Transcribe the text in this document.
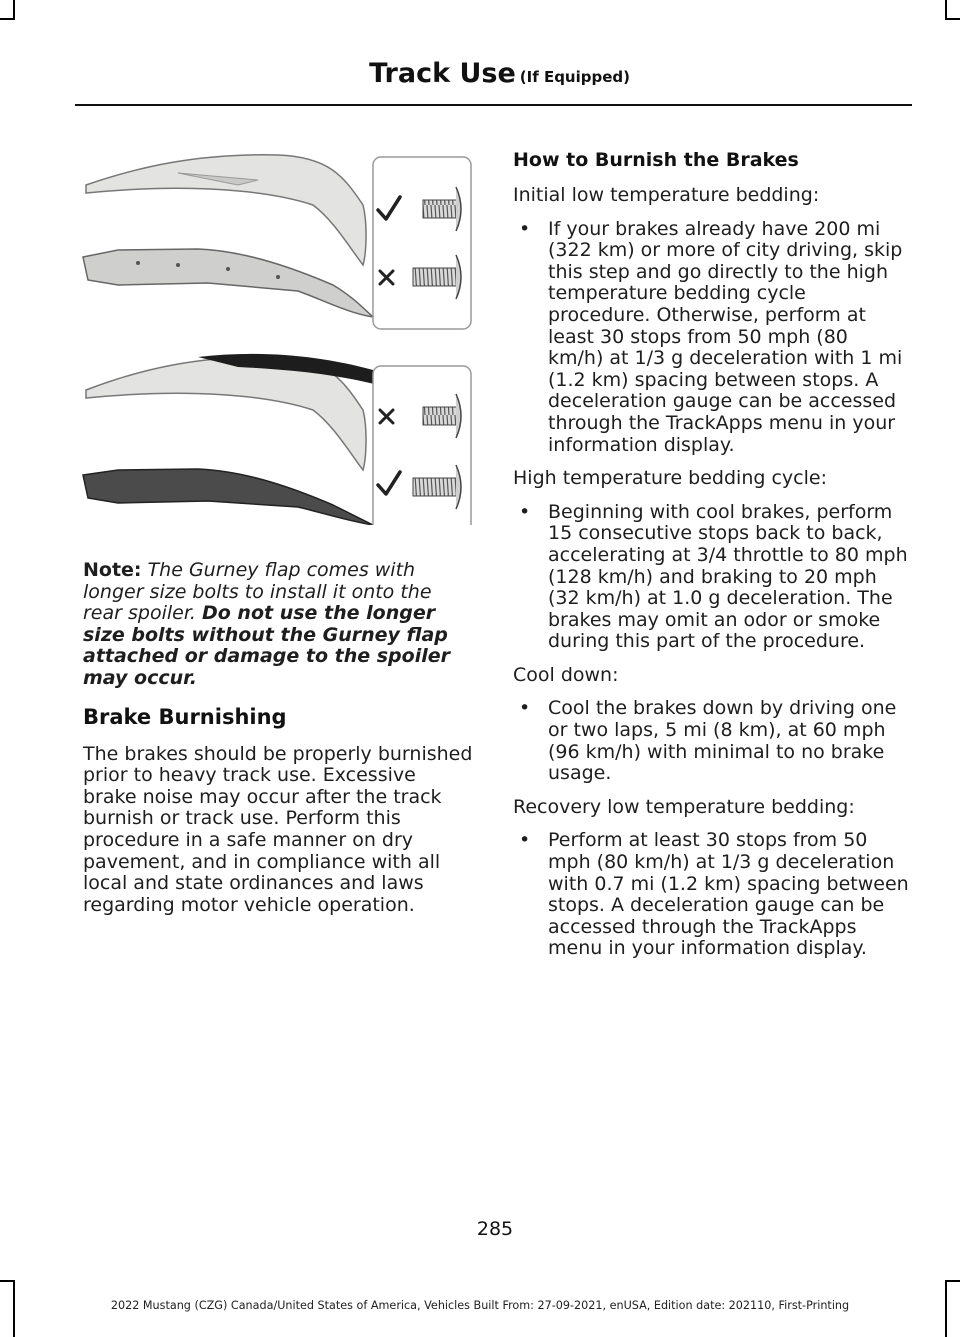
Track Use (If Equipped)

Note: The Gurney flap comes with longer size bolts to install it onto the rear spoiler. Do not use the longer size bolts without the Gurney flap attached or damage to the spoiler may occur.

Brake Burnishing

The brakes should be properly burnished prior to heavy track use. Excessive brake noise may occur after the track burnish or track use. Perform this procedure in a safe manner on dry pavement, and in compliance with all local and state ordinances and laws regarding motor vehicle operation.

How to Burnish the Brakes

Initial low temperature bedding:

• If your brakes already have 200 mi (322 km) or more of city driving, skip this step and go directly to the high temperature bedding cycle procedure. Otherwise, perform at least 30 stops from 50 mph (80 km/h) at 1/3 g deceleration with 1 mi (1.2 km) spacing between stops. A deceleration gauge can be accessed through the TrackApps menu in your information display.

High temperature bedding cycle:

• Beginning with cool brakes, perform 15 consecutive stops back to back, accelerating at 3/4 throttle to 80 mph (128 km/h) and braking to 20 mph (32 km/h) at 1.0 g deceleration. The brakes may omit an odor or smoke during this part of the procedure.

Cool down:

• Cool the brakes down by driving one or two laps, 5 mi (8 km), at 60 mph (96 km/h) with minimal to no brake usage.

Recovery low temperature bedding:

• Perform at least 30 stops from 50 mph (80 km/h) at 1/3 g deceleration with 0.7 mi (1.2 km) spacing between stops. A deceleration gauge can be accessed through the TrackApps menu in your information display.
285
2022 Mustang (CZG) Canada/United States of America, Vehicles Built From: 27-09-2021, enUSA, Edition date: 202110, First-Printing
